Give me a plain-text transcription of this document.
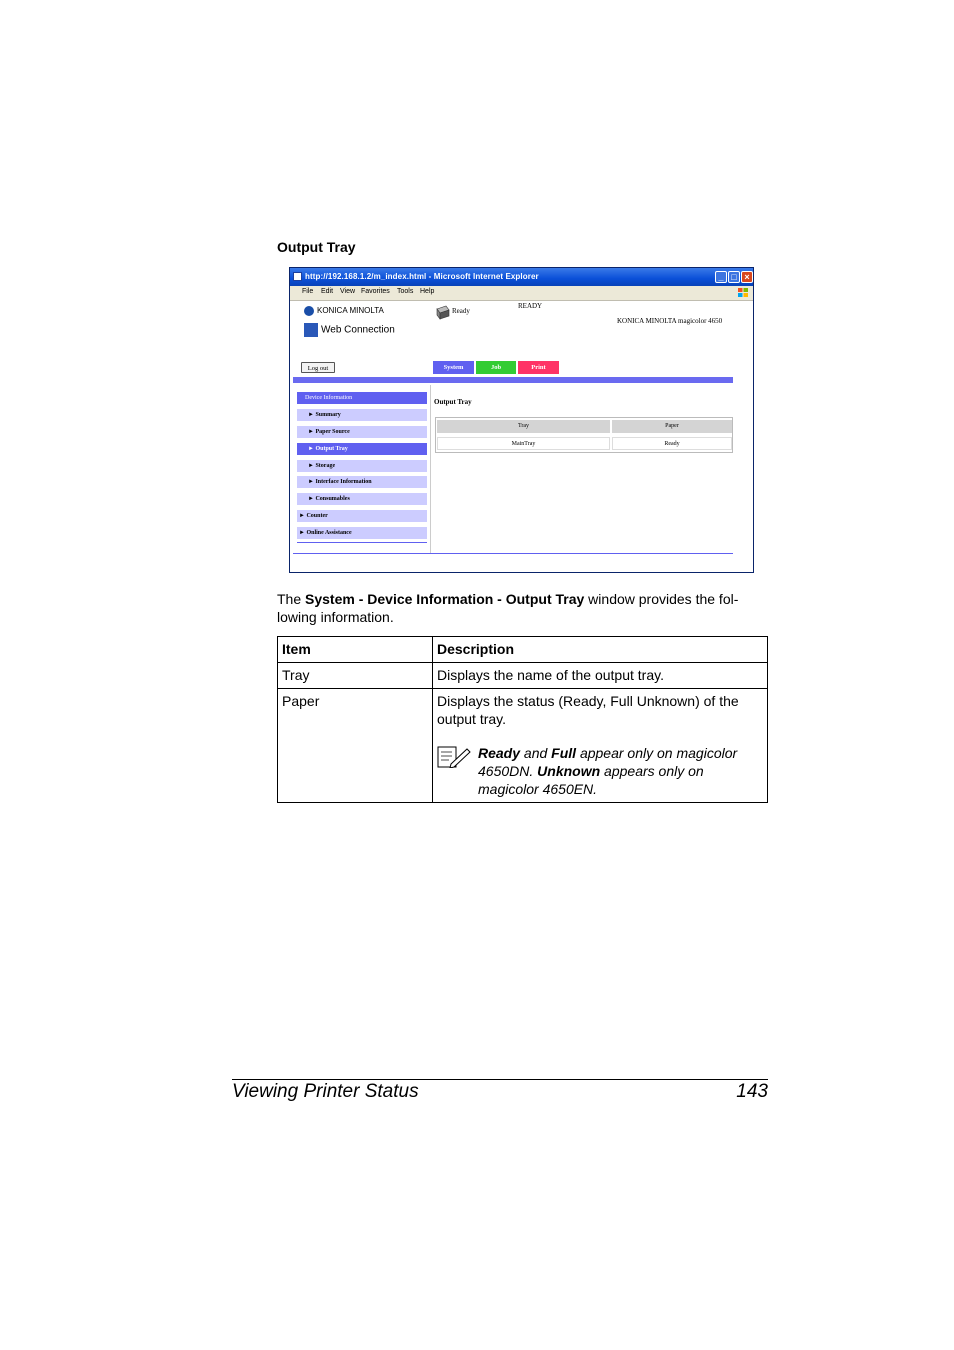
Output Tray
http://192.168.1.2/m_index.html - Microsoft Internet Explorer	_ □ ×
File Edit View Favorites Tools Help
KONICA MINOLTA
Web Connection
Ready
READY
KONICA MINOLTA magicolor 4650
Log out	System	Job	Print
Device Information
► Summary
► Paper Source
► Output Tray
► Storage
► Interface Information
► Consumables
► Counter
► Online Assistance
Output Tray
Tray	Paper
MainTray	Ready
The System - Device Information - Output Tray window provides the fol-lowing information.
Item	Description
Tray	Displays the name of the output tray.
Paper	Displays the status (Ready, Full Unknown) of the output tray.
Ready and Full appear only on magicolor 4650DN. Unknown appears only on magicolor 4650EN.
Viewing Printer Status	143
